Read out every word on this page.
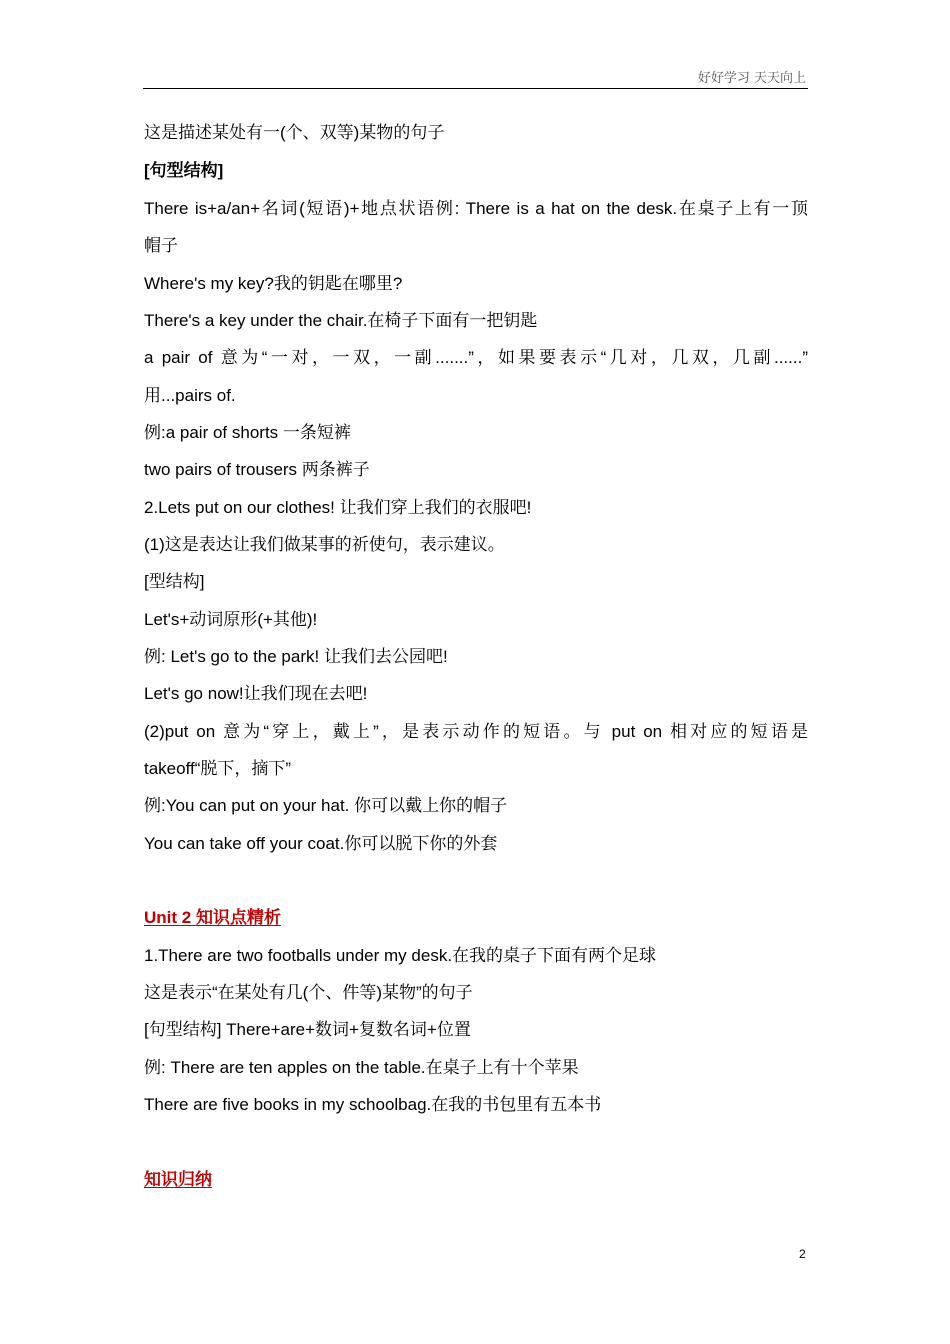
好好学习 天天向上
这是描述某处有一(个、双等)某物的句子
[句型结构]
There is+a/an+名词(短语)+地点状语例: There is a hat on the desk.在桌子上有一顶
帽子
Where's my key?我的钥匙在哪里?
There's a key under the chair.在椅子下面有一把钥匙
a pair of 意为“一对，一双，一副.......”，如果要表示“几对，几双，几副......”
用...pairs of.
例:a pair of shorts 一条短裤
two pairs of trousers 两条裤子
2.Lets put on our clothes! 让我们穿上我们的衣服吧!
(1)这是表达让我们做某事的祈使句，表示建议。
[型结构]
Let's+动词原形(+其他)!
例: Let's go to the park! 让我们去公园吧!
Let's go now!让我们现在去吧!
(2)put on 意为“穿上，戴上”，是表示动作的短语。与 put on 相对应的短语是
takeoff“脱下，摘下”
例:You can put on your hat. 你可以戴上你的帽子
You can take off your coat.你可以脱下你的外套
Unit 2 知识点精析
1.There are two footballs under my desk.在我的桌子下面有两个足球
这是表示“在某处有几(个、件等)某物”的句子
[句型结构] There+are+数词+复数名词+位置
例: There are ten apples on the table.在桌子上有十个苹果
There are five books in my schoolbag.在我的书包里有五本书
知识归纳
2
